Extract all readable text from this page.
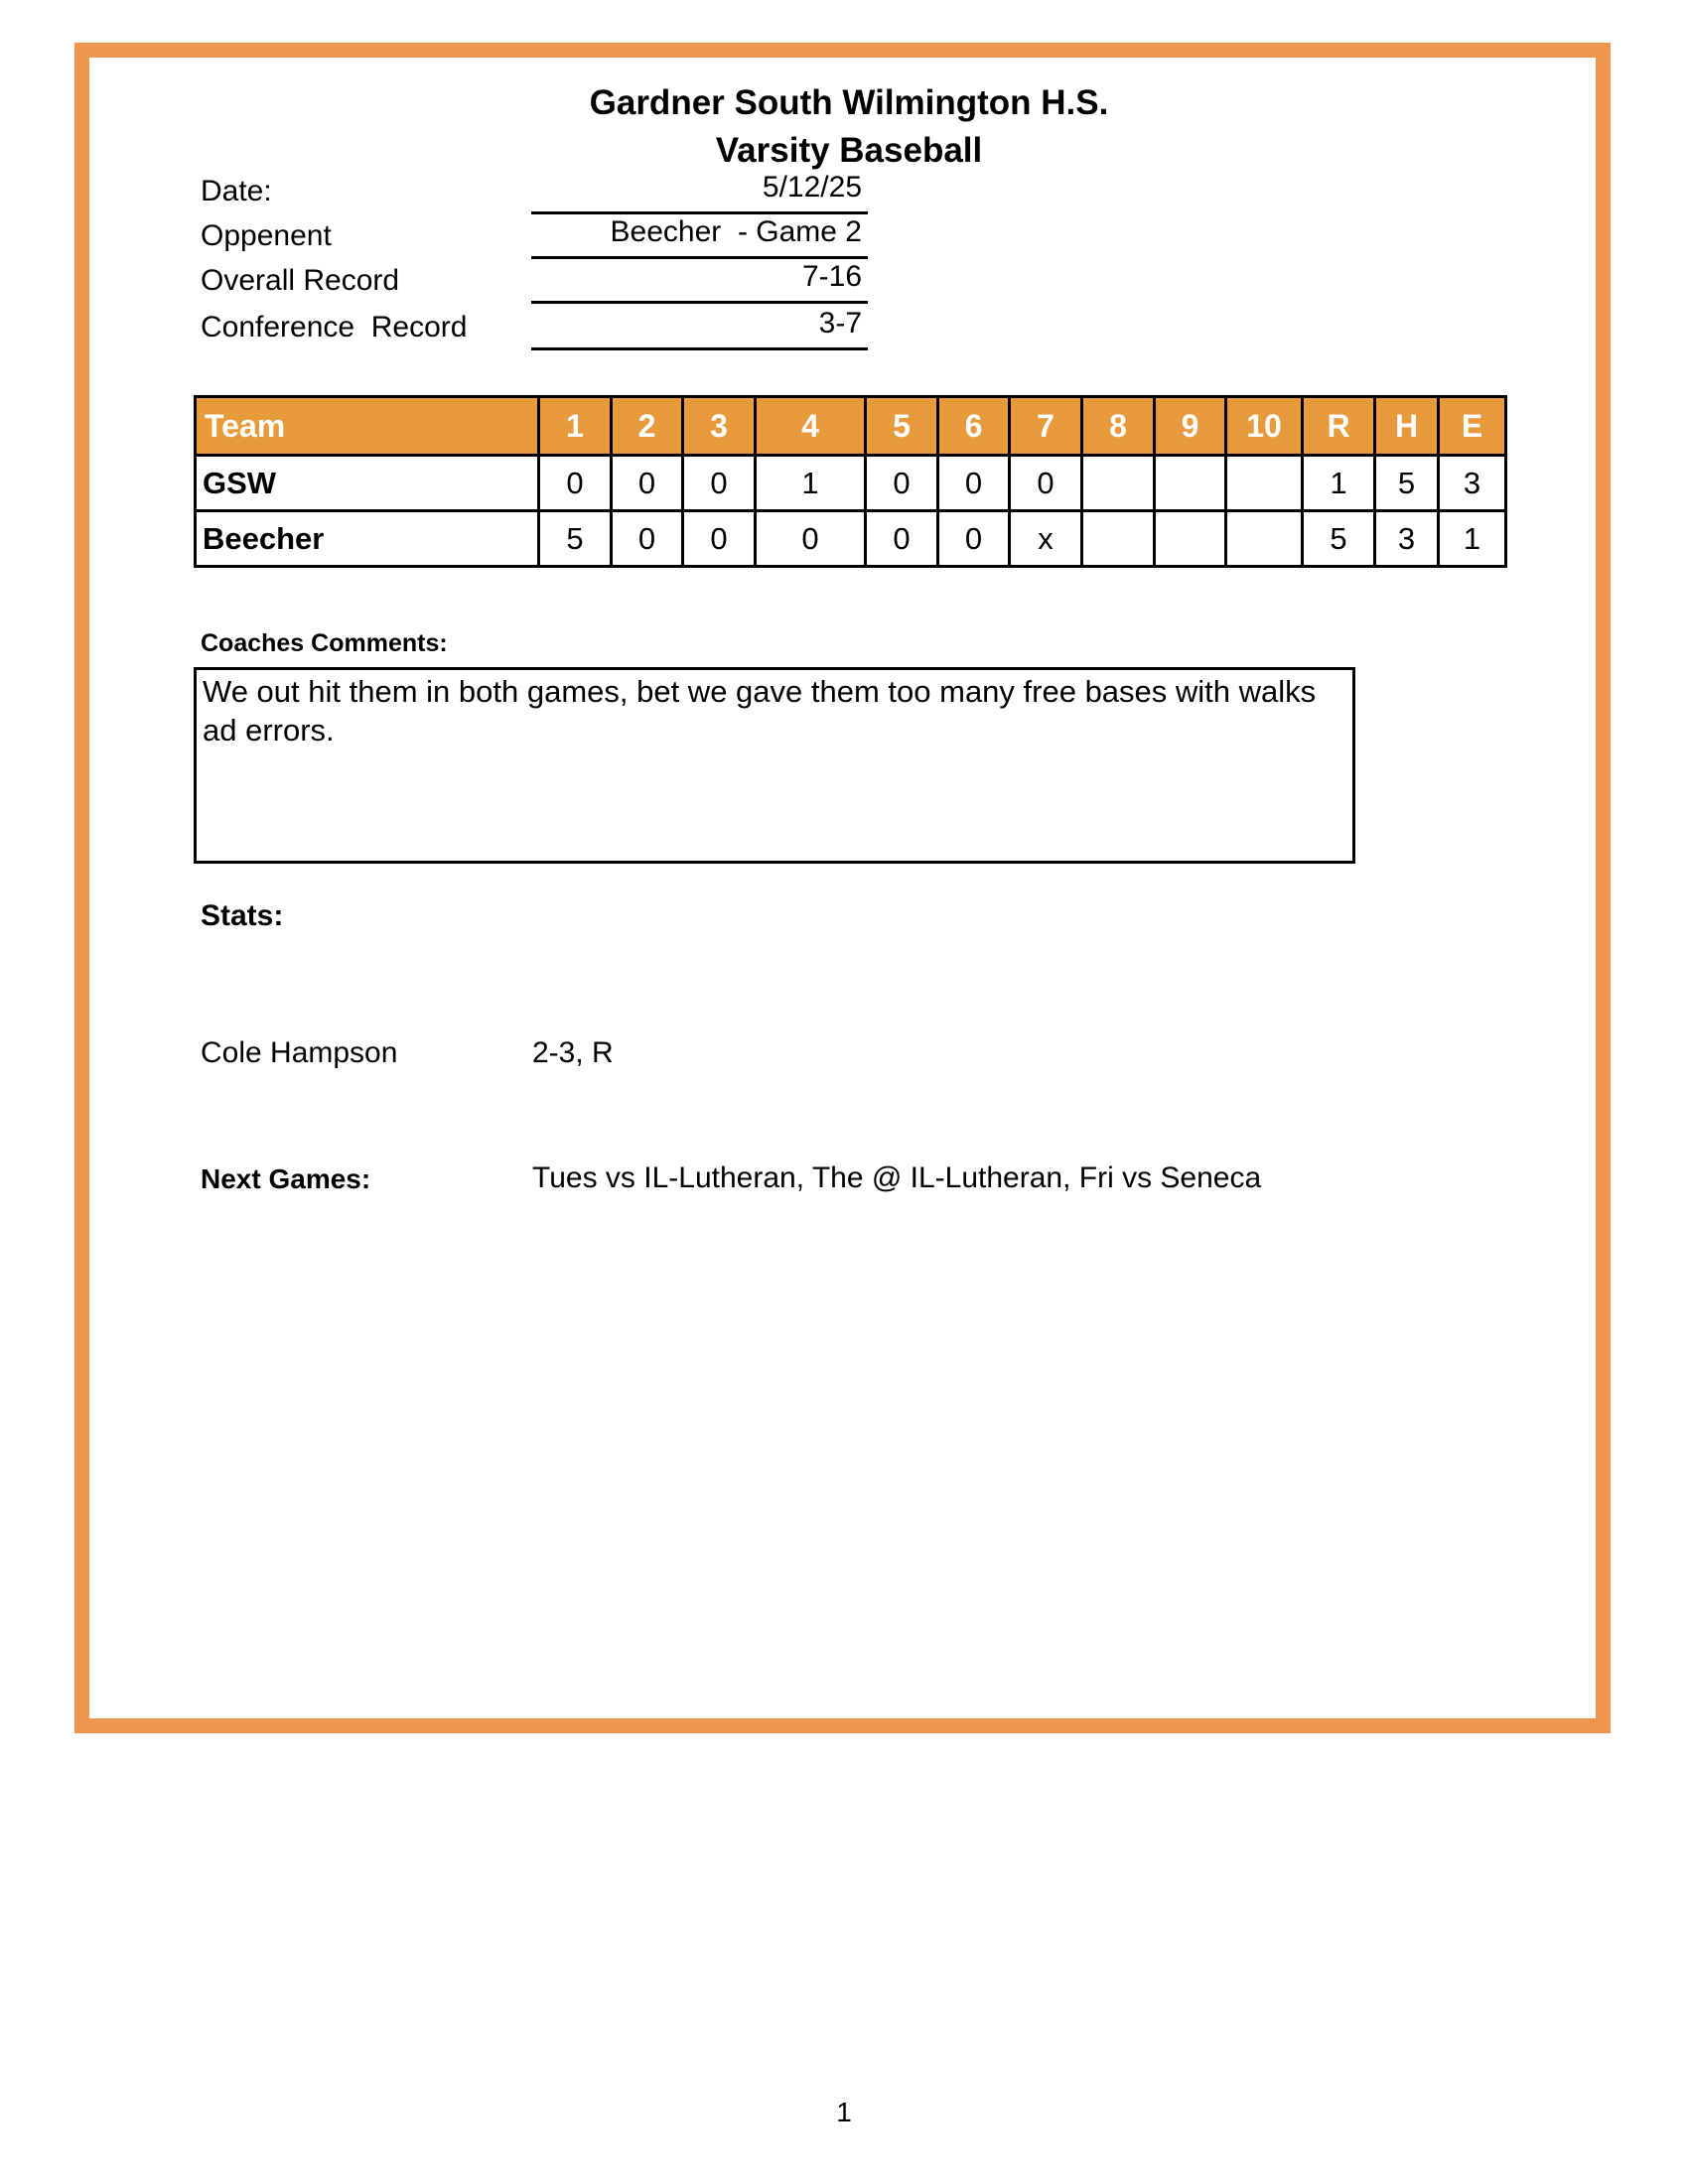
Gardner South Wilmington H.S.
Varsity Baseball
Date:	5/12/25
Oppenent	Beecher  - Game 2
Overall Record	7-16
Conference  Record	3-7
Team	1	2	3	4	5	6	7	8	9	10	R	H	E
GSW	0	0	0	1	0	0	0				1	5	3
Beecher	5	0	0	0	0	0	x				5	3	1
Coaches Comments:
We out hit them in both games, bet we gave them too many free bases with walks ad errors.
Stats:
Cole Hampson	2-3, R
Next Games:	Tues vs IL-Lutheran, The @ IL-Lutheran, Fri vs Seneca
1
